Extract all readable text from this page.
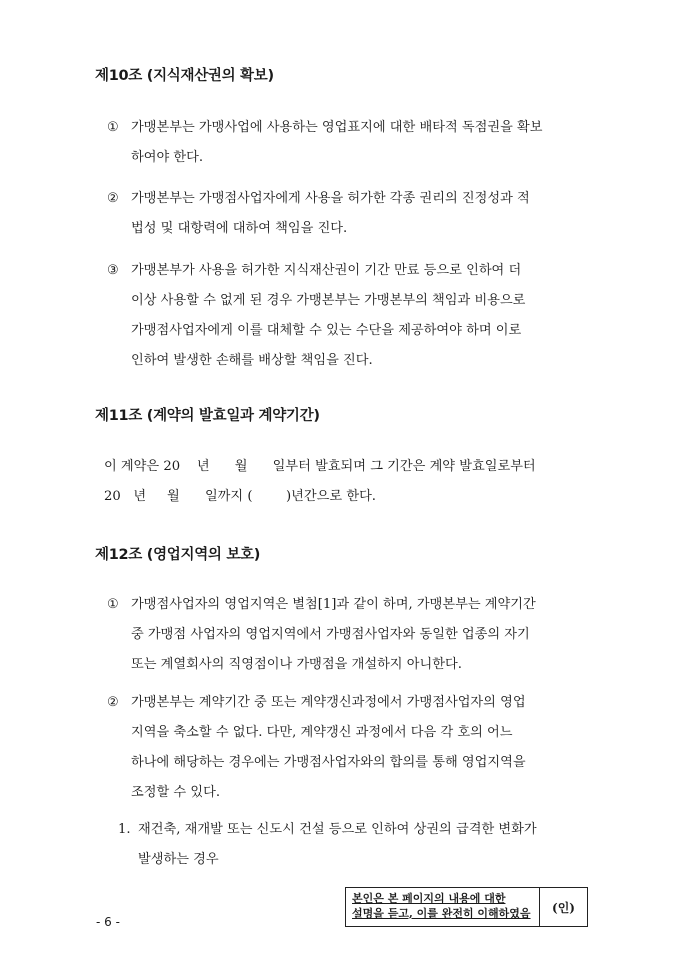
제10조 (지식재산권의 확보)
① 가맹본부는 가맹사업에 사용하는 영업표지에 대한 배타적 독점권을 확보
하여야 한다.
② 가맹본부는 가맹점사업자에게 사용을 허가한 각종 권리의 진정성과 적
법성 및 대항력에 대하여 책임을 진다.
③ 가맹본부가 사용을 허가한 지식재산권이 기간 만료 등으로 인하여 더
이상 사용할 수 없게 된 경우 가맹본부는 가맹본부의 책임과 비용으로
가맹점사업자에게 이를 대체할 수 있는 수단을 제공하여야 하며 이로
인하여 발생한 손해를 배상할 책임을 진다.
제11조 (계약의 발효일과 계약기간)
이 계약은 20    년      월      일부터 발효되며 그 기간은 계약 발효일로부터
20   년     월      일까지 (        )년간으로 한다.
제12조 (영업지역의 보호)
① 가맹점사업자의 영업지역은 별첨[1]과 같이 하며, 가맹본부는 계약기간
중 가맹점 사업자의 영업지역에서 가맹점사업자와 동일한 업종의 자기
또는 계열회사의 직영점이나 가맹점을 개설하지 아니한다.
② 가맹본부는 계약기간 중 또는 계약갱신과정에서 가맹점사업자의 영업
지역을 축소할 수 없다. 다만, 계약갱신 과정에서 다음 각 호의 어느
하나에 해당하는 경우에는 가맹점사업자와의 합의를 통해 영업지역을
조정할 수 있다.
1. 재건축, 재개발 또는 신도시 건설 등으로 인하여 상권의 급격한 변화가
발생하는 경우
본인은 본 페이지의 내용에 대한
설명을 듣고, 이를 완전히 이해하였음	(인)
- 6 -
